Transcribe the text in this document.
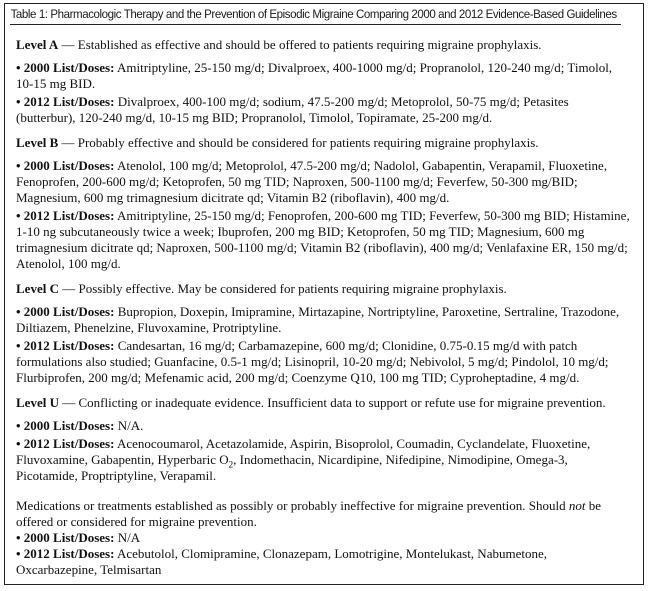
Table 1: Pharmacologic Therapy and the Prevention of Episodic Migraine Comparing 2000 and 2012 Evidence-Based Guidelines

Level A — Established as effective and should be offered to patients requiring migraine prophylaxis.

• 2000 List/Doses: Amitriptyline, 25-150 mg/d; Divalproex, 400-1000 mg/d; Propranolol, 120-240 mg/d; Timolol, 10-15 mg BID.

• 2012 List/Doses: Divalproex, 400-100 mg/d; sodium, 47.5-200 mg/d; Metoprolol, 50-75 mg/d; Petasites (butterbur), 120-240 mg/d, 10-15 mg BID; Propranolol, Timolol, Topiramate, 25-200 mg/d.

Level B — Probably effective and should be considered for patients requiring migraine prophylaxis.

• 2000 List/Doses: Atenolol, 100 mg/d; Metoprolol, 47.5-200 mg/d; Nadolol, Gabapentin, Verapamil, Fluoxetine, Fenoprofen, 200-600 mg/d; Ketoprofen, 50 mg TID; Naproxen, 500-1100 mg/d; Feverfew, 50-300 mg/BID; Magnesium, 600 mg trimagnesium dicitrate qd; Vitamin B2 (riboflavin), 400 mg/d.

• 2012 List/Doses: Amitriptyline, 25-150 mg/d; Fenoprofen, 200-600 mg TID; Feverfew, 50-300 mg BID; Histamine, 1-10 ng subcutaneously twice a week; Ibuprofen, 200 mg BID; Ketoprofen, 50 mg TID; Magnesium, 600 mg trimagnesium dicitrate qd; Naproxen, 500-1100 mg/d; Vitamin B2 (riboflavin), 400 mg/d; Venlafaxine ER, 150 mg/d; Atenolol, 100 mg/d.

Level C — Possibly effective. May be considered for patients requiring migraine prophylaxis.

• 2000 List/Doses: Bupropion, Doxepin, Imipramine, Mirtazapine, Nortriptyline, Paroxetine, Sertraline, Trazodone, Diltiazem, Phenelzine, Fluvoxamine, Protriptyline.

• 2012 List/Doses: Candesartan, 16 mg/d; Carbamazepine, 600 mg/d; Clonidine, 0.75-0.15 mg/d with patch formulations also studied; Guanfacine, 0.5-1 mg/d; Lisinopril, 10-20 mg/d; Nebivolol, 5 mg/d; Pindolol, 10 mg/d; Flurbiprofen, 200 mg/d; Mefenamic acid, 200 mg/d; Coenzyme Q10, 100 mg TID; Cyproheptadine, 4 mg/d.

Level U — Conflicting or inadequate evidence. Insufficient data to support or refute use for migraine prevention.

• 2000 List/Doses: N/A.

• 2012 List/Doses: Acenocoumarol, Acetazolamide, Aspirin, Bisoprolol, Coumadin, Cyclandelate, Fluoxetine, Fluvoxamine, Gabapentin, Hyperbaric $O_2$, Indomethacin, Nicardipine, Nifedipine, Nimodipine, Omega-3, Picotamide, Proptriptyline, Verapamil.

Medications or treatments established as possibly or probably ineffective for migraine prevention. Should not be offered or considered for migraine prevention.

• 2000 List/Doses: N/A

• 2012 List/Doses: Acebutolol, Clomipramine, Clonazepam, Lomotrigine, Montelukast, Nabumetone, Oxcarbazepine, Telmisartan
